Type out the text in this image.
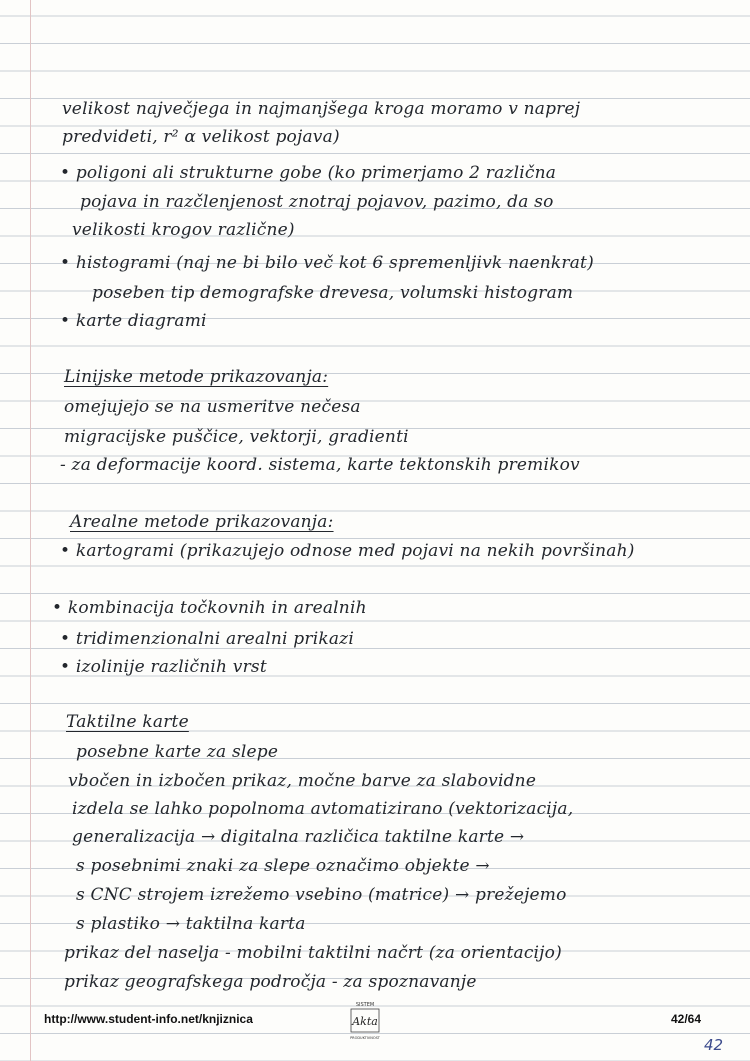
velikost največjega in najmanjšega kroga moramo v naprej
predvideti, r² α velikost pojava)
• poligoni ali strukturne gobe (ko primerjamo 2 različna
pojava in razčlenjenost znotraj pojavov, pazimo, da so
velikosti krogov različne)
• histogrami (naj ne bi bilo več kot 6 spremenljivk naenkrat)
poseben tip demografske drevesa, volumski histogram
• karte diagrami
Linijske metode prikazovanja:
omejujejo se na usmeritve nečesa
migracijske puščice, vektorji, gradienti
- za deformacije koord. sistema, karte tektonskih premikov
Arealne metode prikazovanja:
• kartogrami (prikazujejo odnose med pojavi na nekih površinah)
• kombinacija točkovnih in arealnih
• tridimenzionalni arealni prikazi
• izolinije različnih vrst
Taktilne karte
posebne karte za slepe
vbočen in izbočen prikaz, močne barve za slabovidne
izdela se lahko popolnoma avtomatizirano (vektorizacija,
generalizacija → digitalna različica taktilne karte →
s posebnimi znaki za slepe označimo objekte →
s CNC strojem izrežemo vsebino (matrice) → prežejemo
s plastiko → taktilna karta
prikaz del naselja - mobilni taktilni načrt (za orientacijo)
prikaz geografskega področja - za spoznavanje
http://www.student-info.net/knjiznica
SISTEM
Akta
PRODUKTIVNOST
42/64
42
